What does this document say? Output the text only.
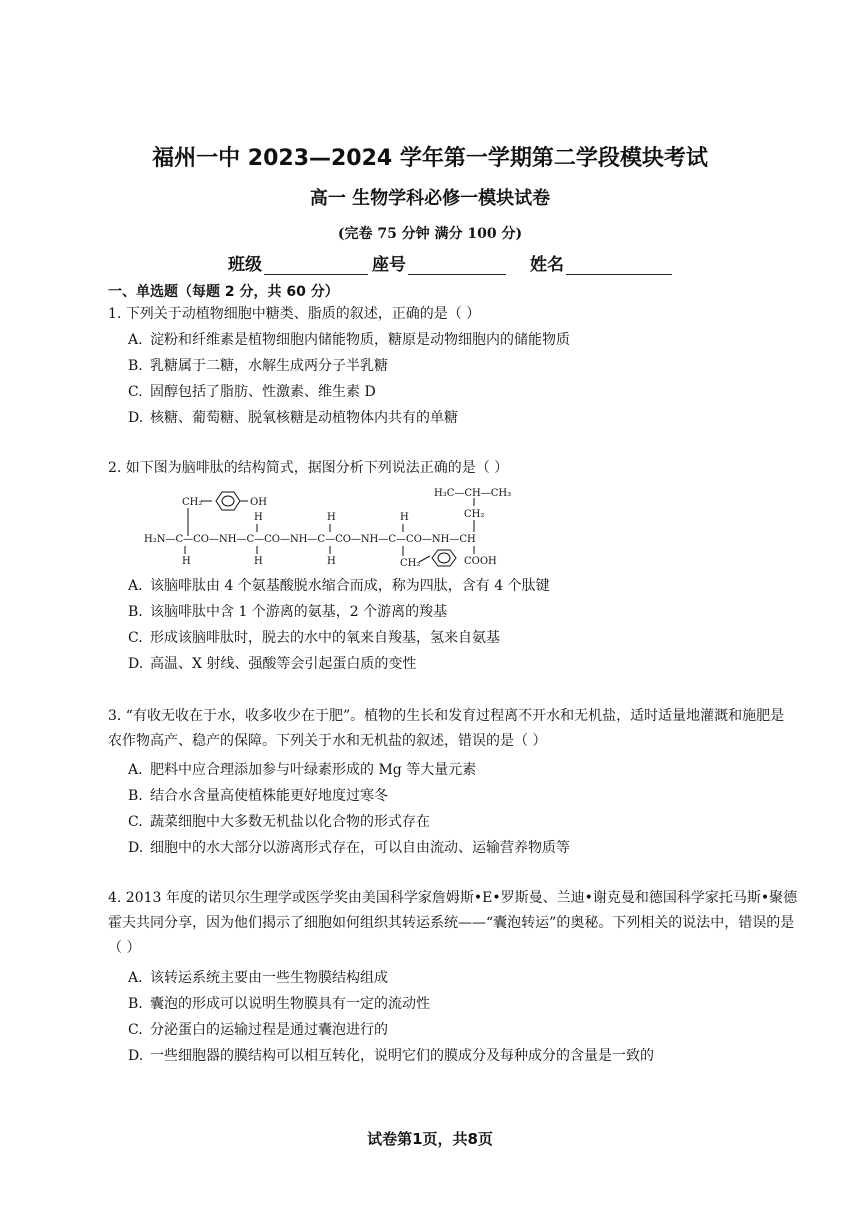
福州一中 2023—2024 学年第一学期第二学段模块考试
高一 生物学科必修一模块试卷
(完卷 75 分钟 满分 100 分)
班级	座号	姓名
一、单选题（每题 2 分，共 60 分）
1. 下列关于动植物细胞中糖类、脂质的叙述，正确的是（ ）
A. 淀粉和纤维素是植物细胞内储能物质，糖原是动物细胞内的储能物质
B. 乳糖属于二糖，水解生成两分子半乳糖
C. 固醇包括了脂肪、性激素、维生素 D
D. 核糖、葡萄糖、脱氧核糖是动植物体内共有的单糖
2. 如下图为脑啡肽的结构简式，据图分析下列说法正确的是（ ）
CH₂	OH
H₂N—C—CO—NH—C—CO—NH—C—CO—NH—C—CO—NH—CH
H	H	H
H	H	H	CH₂
H₃C—CH—CH₃
CH₂
COOH
A. 该脑啡肽由 4 个氨基酸脱水缩合而成，称为四肽，含有 4 个肽键
B. 该脑啡肽中含 1 个游离的氨基，2 个游离的羧基
C. 形成该脑啡肽时，脱去的水中的氧来自羧基，氢来自氨基
D. 高温、X 射线、强酸等会引起蛋白质的变性
3. “有收无收在于水，收多收少在于肥”。植物的生长和发育过程离不开水和无机盐，适时适量地灌溉和施肥是农作物高产、稳产的保障。下列关于水和无机盐的叙述，错误的是（ ）
A. 肥料中应合理添加参与叶绿素形成的 Mg 等大量元素
B. 结合水含量高使植株能更好地度过寒冬
C. 蔬菜细胞中大多数无机盐以化合物的形式存在
D. 细胞中的水大部分以游离形式存在，可以自由流动、运输营养物质等
4. 2013 年度的诺贝尔生理学或医学奖由美国科学家詹姆斯•E•罗斯曼、兰迪•谢克曼和德国科学家托马斯•聚德霍夫共同分享，因为他们揭示了细胞如何组织其转运系统——“囊泡转运”的奥秘。下列相关的说法中，错误的是（ ）
A. 该转运系统主要由一些生物膜结构组成
B. 囊泡的形成可以说明生物膜具有一定的流动性
C. 分泌蛋白的运输过程是通过囊泡进行的
D. 一些细胞器的膜结构可以相互转化，说明它们的膜成分及每种成分的含量是一致的
试卷第1页，共8页
